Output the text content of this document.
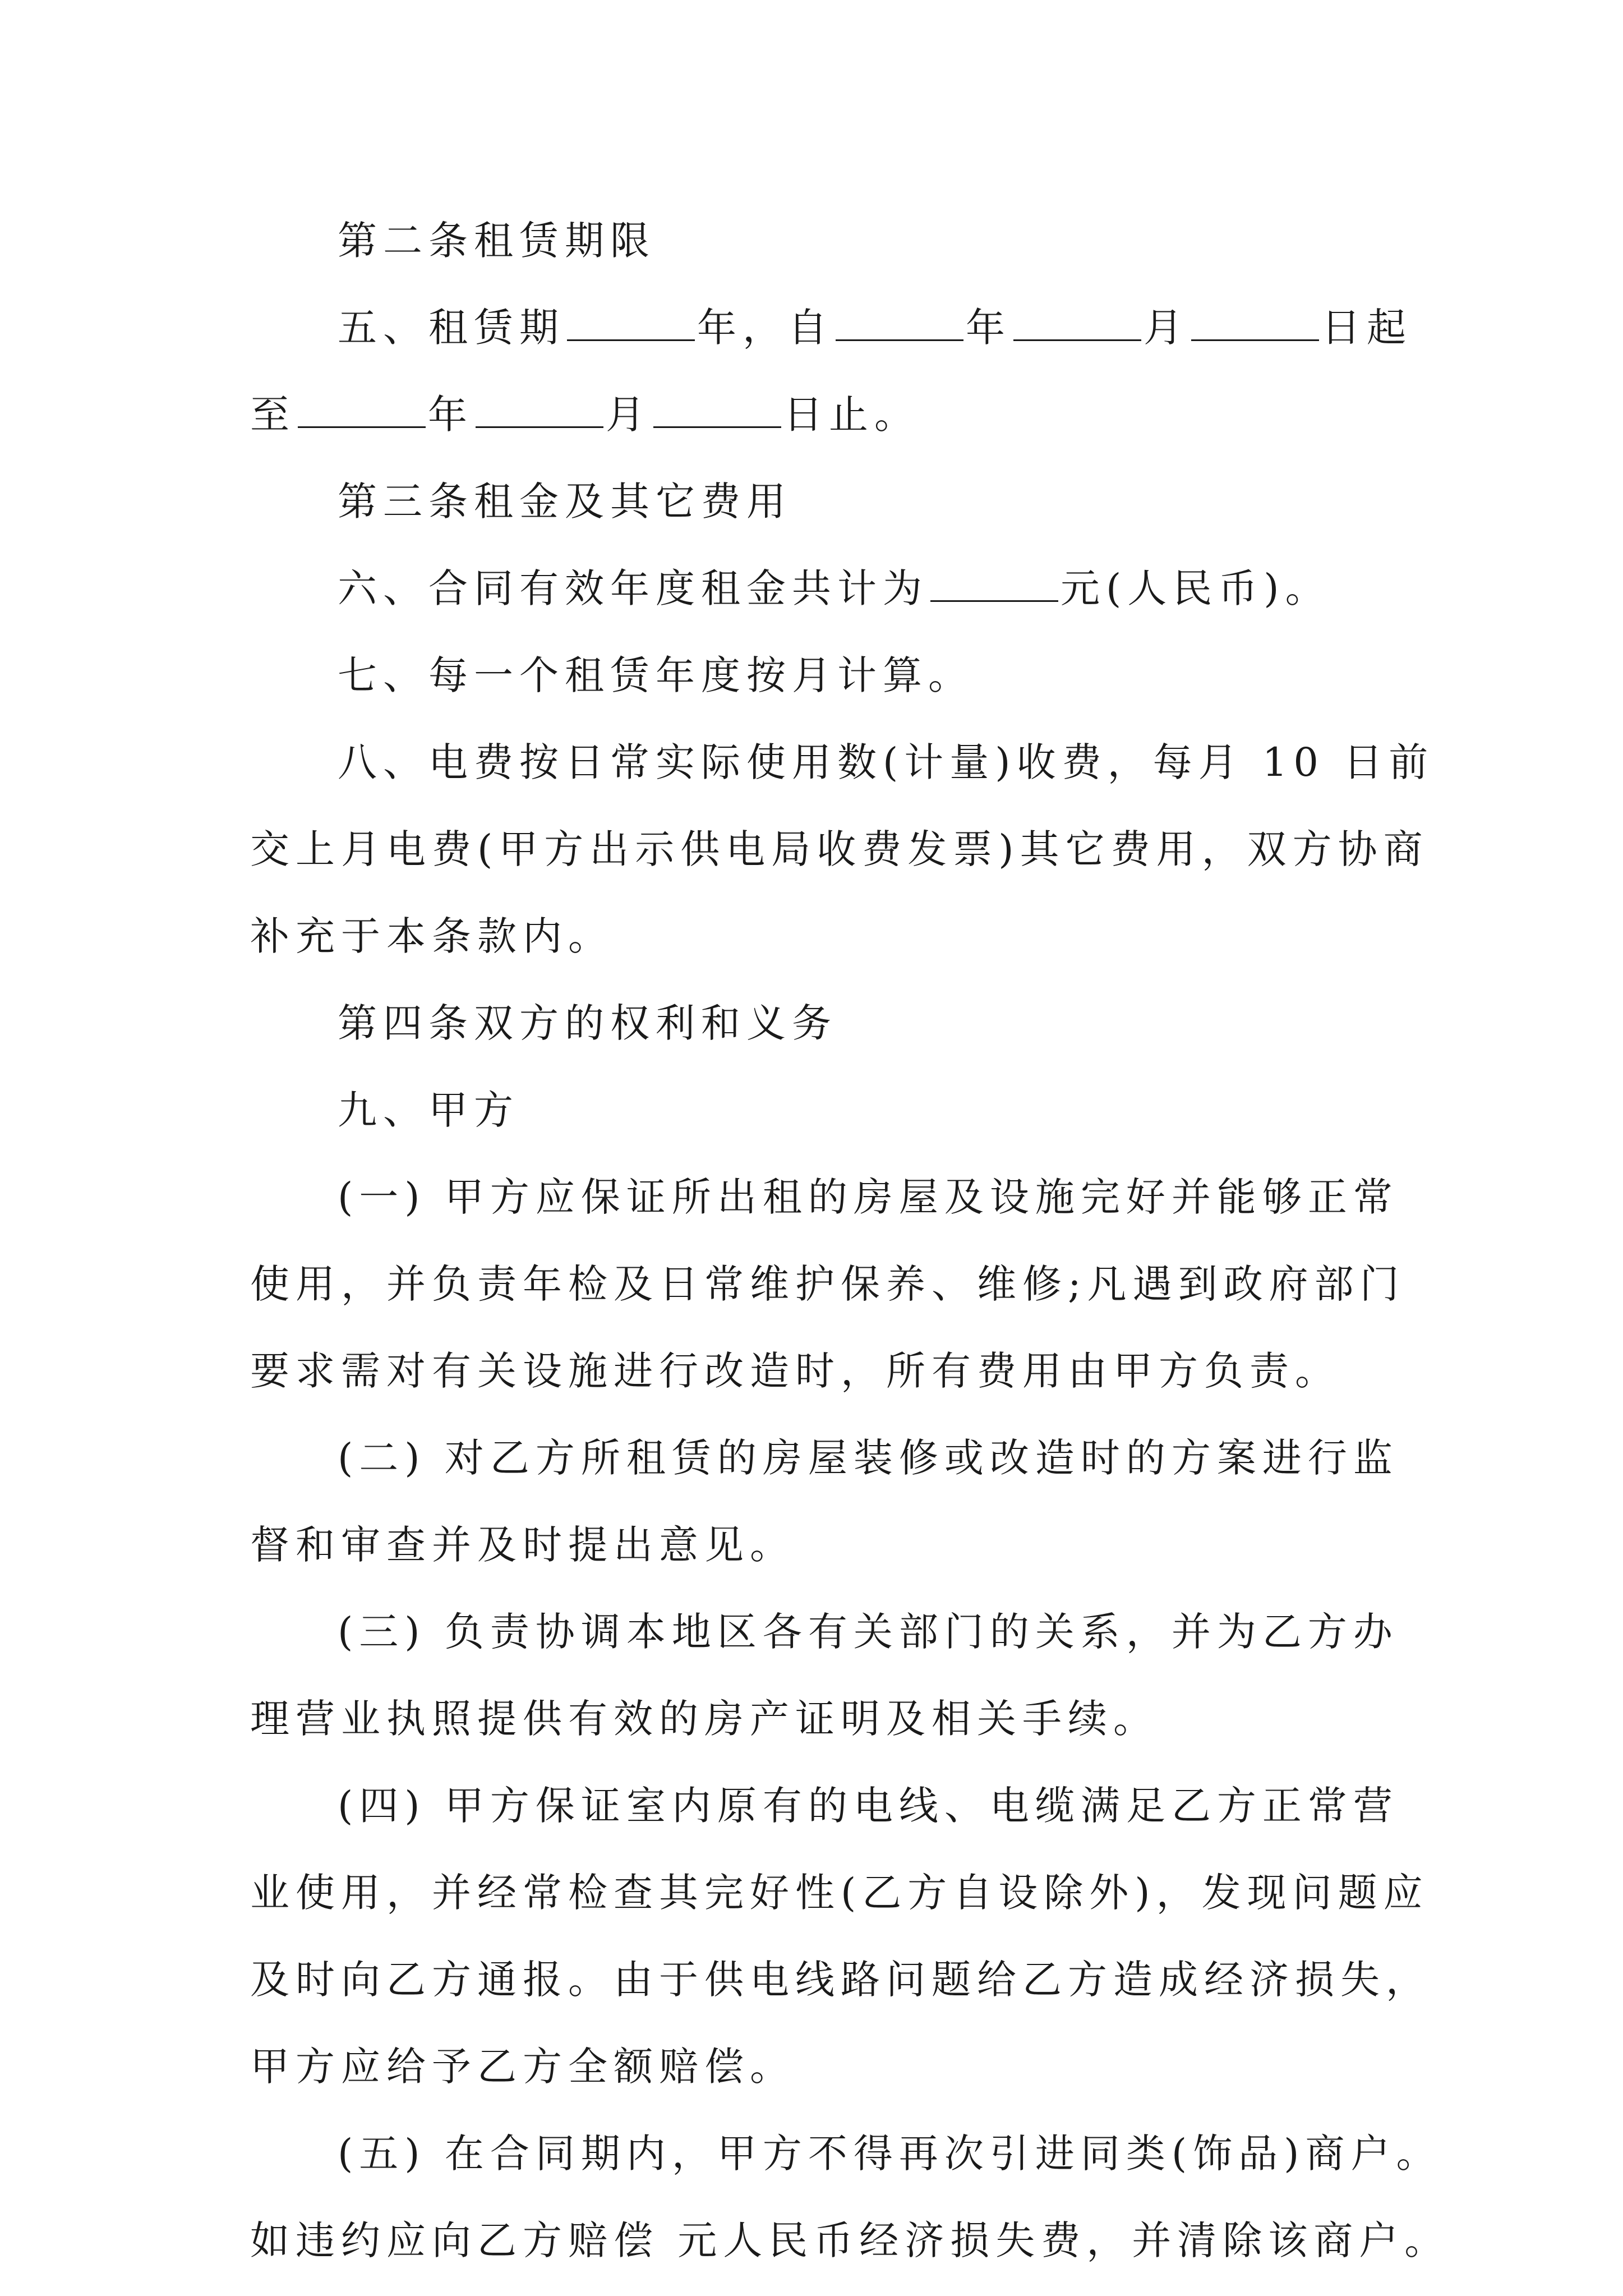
第二条租赁期限
五、租赁期	年，自	年	月	日起
至	年	月	日止。
第三条租金及其它费用
六、合同有效年度租金共计为	元(人民币)。
七、每一个租赁年度按月计算。
八、电费按日常实际使用数(计量)收费，每月 10 日前
交上月电费(甲方出示供电局收费发票)其它费用，双方协商
补充于本条款内。
第四条双方的权利和义务
九、甲方
(一) 甲方应保证所出租的房屋及设施完好并能够正常
使用，并负责年检及日常维护保养、维修;凡遇到政府部门
要求需对有关设施进行改造时，所有费用由甲方负责。
(二) 对乙方所租赁的房屋装修或改造时的方案进行监
督和审查并及时提出意见。
(三) 负责协调本地区各有关部门的关系，并为乙方办
理营业执照提供有效的房产证明及相关手续。
(四) 甲方保证室内原有的电线、电缆满足乙方正常营
业使用，并经常检查其完好性(乙方自设除外)，发现问题应
及时向乙方通报。由于供电线路问题给乙方造成经济损失，
甲方应给予乙方全额赔偿。
(五) 在合同期内，甲方不得再次引进同类(饰品)商户。
如违约应向乙方赔偿 元人民币经济损失费，并清除该商户。
